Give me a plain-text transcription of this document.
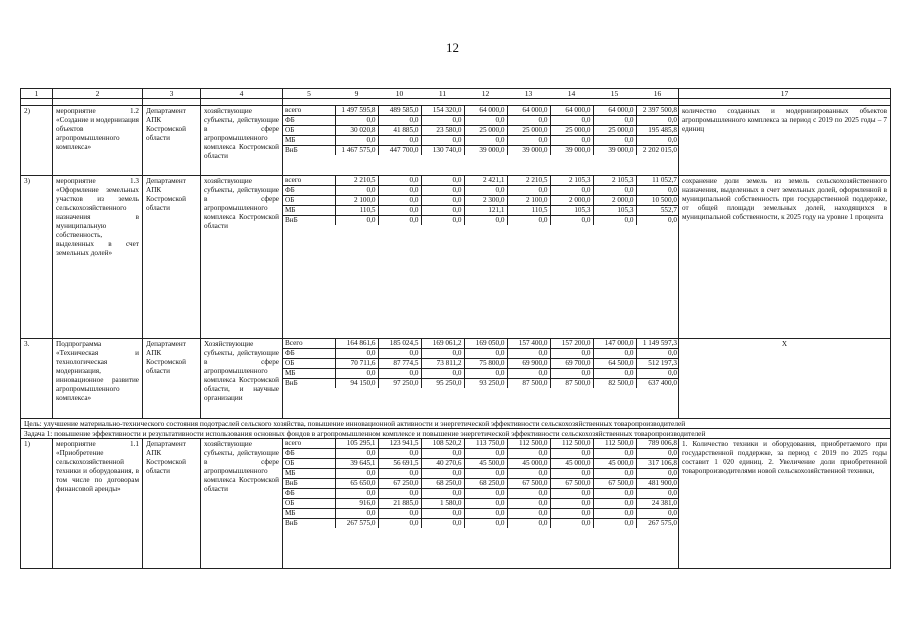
12
1	2	3	4		5	9	10	11	12	13	14	15	16
		17

2)	мероприятие 1.2 «Создание и модернизация объектов агропромышленного комплекса»	Департамент АПК Костромской области	хозяйствующие субъекты, действующие в сфере агропромышленного комплекса Костромской области	
всего	1 497 595,8	489 585,0	154 320,0	64 000,0	64 000,0	64 000,0	64 000,0	2 397 500,8
ФБ	0,0	0,0	0,0	0,0	0,0	0,0	0,0	0,0
ОБ	30 020,8	41 885,0	23 580,0	25 000,0	25 000,0	25 000,0	25 000,0	195 485,8
МБ	0,0	0,0	0,0	0,0	0,0	0,0	0,0	0,0
ВнБ	1 467 575,0	447 700,0	130 740,0	39 000,0	39 000,0	39 000,0	39 000,0	2 202 015,0
	количество созданных и модернизированных объектов агропромышленного комплекса за период с 2019 по 2025 годы – 7 единиц
3)	мероприятие 1.3 «Оформление земельных участков из земель сельскохозяйственного назначения в муниципальную собственность, выделенных в счет земельных долей»	Департамент АПК Костромской области	хозяйствующие субъекты, действующие в сфере агропромышленного комплекса Костромской области	
всего	2 210,5	0,0	0,0	2 421,1	2 210,5	2 105,3	2 105,3	11 052,7
ФБ	0,0	0,0	0,0	0,0	0,0	0,0	0,0	0,0
ОБ	2 100,0	0,0	0,0	2 300,0	2 100,0	2 000,0	2 000,0	10 500,0
МБ	110,5	0,0	0,0	121,1	110,5	105,3	105,3	552,7
ВнБ	0,0	0,0	0,0	0,0	0,0	0,0	0,0	0,0
	сохранение доли земель из земель сельскохозяйственного назначения, выделенных в счет земельных долей, оформленной в муниципальной собственность при государственной поддержке, от общей площади земельных долей, находящихся в муниципальной собственности, к 2025 году на уровне 1 процента
3.	Подпрограмма «Техническая и технологическая модернизация, инновационное развитие агропромышленного комплекса»	Департамент АПК Костромской области	Хозяйствующие субъекты, действующие в сфере агропромышленного комплекса Костромской области, и научные организации	
Всего	164 861,6	185 024,5	169 061,2	169 050,0	157 400,0	157 200,0	147 000,0	1 149 597,3
ФБ	0,0	0,0	0,0	0,0	0,0	0,0	0,0	0,0
ОБ	70 711,6	87 774,5	73 811,2	75 800,0	69 900,0	69 700,0	64 500,0	512 197,3
МБ	0,0	0,0	0,0	0,0	0,0	0,0	0,0	0,0
ВнБ	94 150,0	97 250,0	95 250,0	93 250,0	87 500,0	87 500,0	82 500,0	637 400,0
	Х
Цель: улучшение материально-технического состояния подотраслей сельского хозяйства, повышение инновационной активности и энергетической эффективности сельскохозяйственных товаропроизводителей
Задача 1: повышение эффективности и результативности использования основных фондов в агропромышленном комплексе и повышение энергетической эффективности сельскохозяйственных товаропроизводителей
1)	мероприятие 1.1 «Приобретение сельскохозяйственной техники и оборудования, в том числе по договорам финансовой аренды»	Департамент АПК Костромской области	хозяйствующие субъекты, действующие в сфере агропромышленного комплекса Костромской области	
всего	105 295,1	123 941,5	108 520,2	113 750,0	112 500,0	112 500,0	112 500,0	789 006,8
ФБ	0,0	0,0	0,0	0,0	0,0	0,0	0,0	0,0
ОБ	39 645,1	56 691,5	40 270,6	45 500,0	45 000,0	45 000,0	45 000,0	317 106,8
МБ	0,0	0,0	0,0	0,0	0,0	0,0	0,0	0,0
ВнБ	65 650,0	67 250,0	68 250,0	68 250,0	67 500,0	67 500,0	67 500,0	481 900,0
ФБ	0,0	0,0	0,0	0,0	0,0	0,0	0,0	0,0
ОБ	916,0	21 885,0	1 580,0	0,0	0,0	0,0	0,0	24 381,0
МБ	0,0	0,0	0,0	0,0	0,0	0,0	0,0	0,0
ВнБ	267 575,0	0,0	0,0	0,0	0,0	0,0	0,0	267 575,0
	1. Количество техники и оборудования, приобретаемого при государственной поддержке, за период с 2019 по 2025 годы составит 1 020 единиц. 2. Увеличение доли приобретенной товаропроизводителями новой сельскохозяйственной техники,
